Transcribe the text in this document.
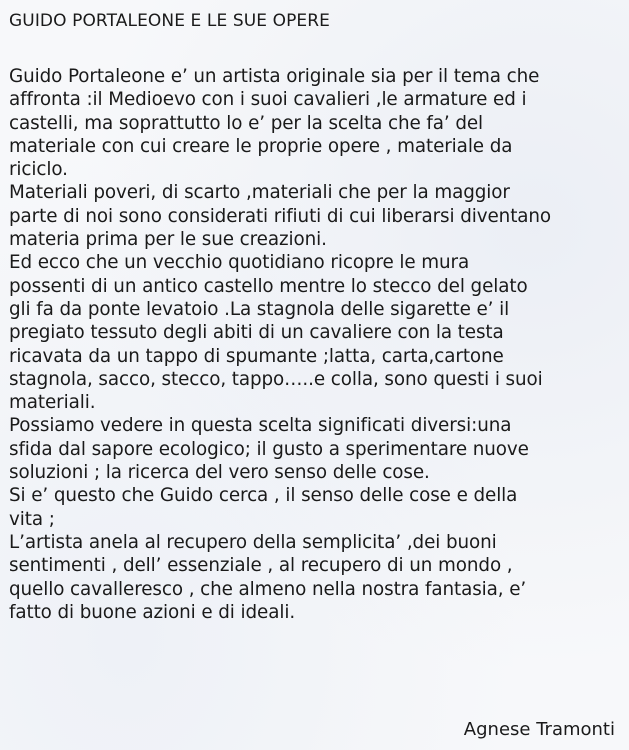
GUIDO PORTALEONE E LE SUE OPERE
Guido Portaleone e’ un artista originale sia per il tema che
affronta :il Medioevo con i suoi cavalieri ,le armature ed i
castelli, ma soprattutto lo e’ per la scelta che fa’ del
materiale con cui creare le proprie opere , materiale da
riciclo.
Materiali poveri, di scarto ,materiali che per la maggior
parte di noi sono considerati rifiuti di cui liberarsi diventano
materia prima per le sue creazioni.
Ed ecco che un vecchio quotidiano ricopre le mura
possenti di un antico castello mentre lo stecco del gelato
gli fa da ponte levatoio .La stagnola delle sigarette e’ il
pregiato tessuto degli abiti di un cavaliere con la testa
ricavata da un tappo di spumante ;latta, carta,cartone
stagnola, sacco, stecco, tappo…..e colla, sono questi i suoi
materiali.
Possiamo vedere in questa scelta significati diversi:una
sfida dal sapore ecologico; il gusto a sperimentare nuove
soluzioni ; la ricerca del vero senso delle cose.
Si e’ questo che Guido cerca , il senso delle cose e della
vita ;
L’artista anela al recupero della semplicita’ ,dei buoni
sentimenti , dell’ essenziale , al recupero di un mondo ,
quello cavalleresco , che almeno nella nostra fantasia, e’
fatto di buone azioni e di ideali.
Agnese Tramonti
